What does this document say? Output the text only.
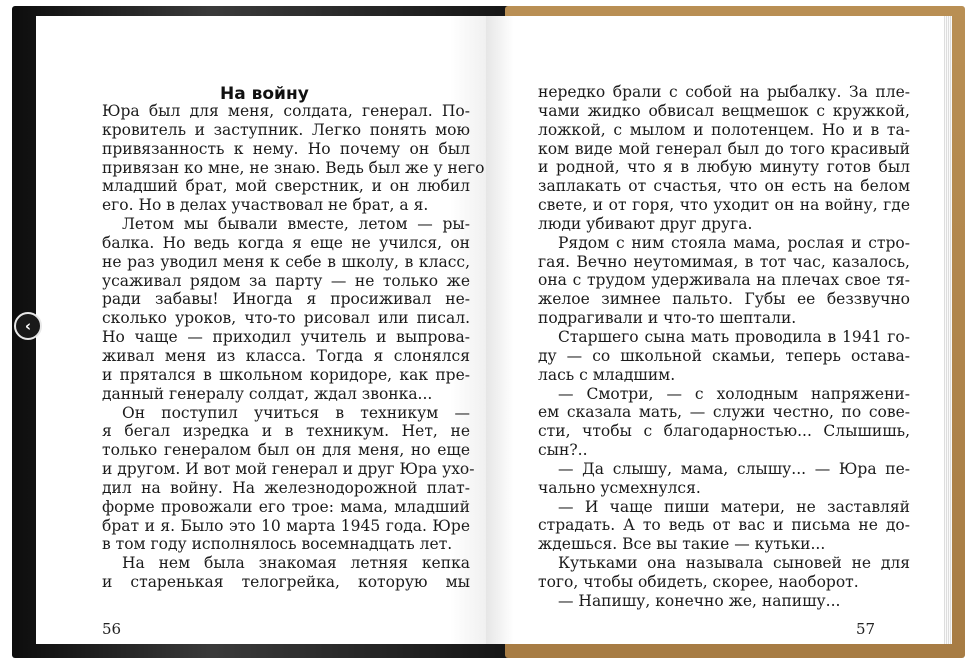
На войну
Юра был для меня, солдата, генерал. По-
кровитель и заступник. Легко понять мою
привязанность к нему. Но почему он был
привязан ко мне, не знаю. Ведь был же у него
младший брат, мой сверстник, и он любил
его. Но в делах участвовал не брат, а я.
Летом мы бывали вместе, летом — ры-
балка. Но ведь когда я еще не учился, он
не раз уводил меня к себе в школу, в класс,
усаживал рядом за парту — не только же
ради забавы! Иногда я просиживал не-
сколько уроков, что-то рисовал или писал.
Но чаще — приходил учитель и выпрова-
живал меня из класса. Тогда я слонялся
и прятался в школьном коридоре, как пре-
данный генералу солдат, ждал звонка...
Он поступил учиться в техникум —
я бегал изредка и в техникум. Нет, не
только генералом был он для меня, но еще
и другом. И вот мой генерал и друг Юра ухо-
дил на войну. На железнодорожной плат-
форме провожали его трое: мама, младший
брат и я. Было это 10 марта 1945 года. Юре
в том году исполнялось восемнадцать лет.
На нем была знакомая летняя кепка
и старенькая телогрейка, которую мы
56
нередко брали с собой на рыбалку. За пле-
чами жидко обвисал вещмешок с кружкой,
ложкой, с мылом и полотенцем. Но и в та-
ком виде мой генерал был до того красивый
и родной, что я в любую минуту готов был
заплакать от счастья, что он есть на белом
свете, и от горя, что уходит он на войну, где
люди убивают друг друга.
Рядом с ним стояла мама, рослая и стро-
гая. Вечно неутомимая, в тот час, казалось,
она с трудом удерживала на плечах свое тя-
желое зимнее пальто. Губы ее беззвучно
подрагивали и что-то шептали.
Старшего сына мать проводила в 1941 го-
ду — со школьной скамьи, теперь остава-
лась с младшим.
— Смотри, — с холодным напряжени-
ем сказала мать, — служи честно, по сове-
сти, чтобы с благодарностью... Слышишь,
сын?..
— Да слышу, мама, слышу... — Юра пе-
чально усмехнулся.
— И чаще пиши матери, не заставляй
страдать. А то ведь от вас и письма не до-
ждешься. Все вы такие — кутьки...
Кутьками она называла сыновей не для
того, чтобы обидеть, скорее, наоборот.
— Напишу, конечно же, напишу...
57
‹
